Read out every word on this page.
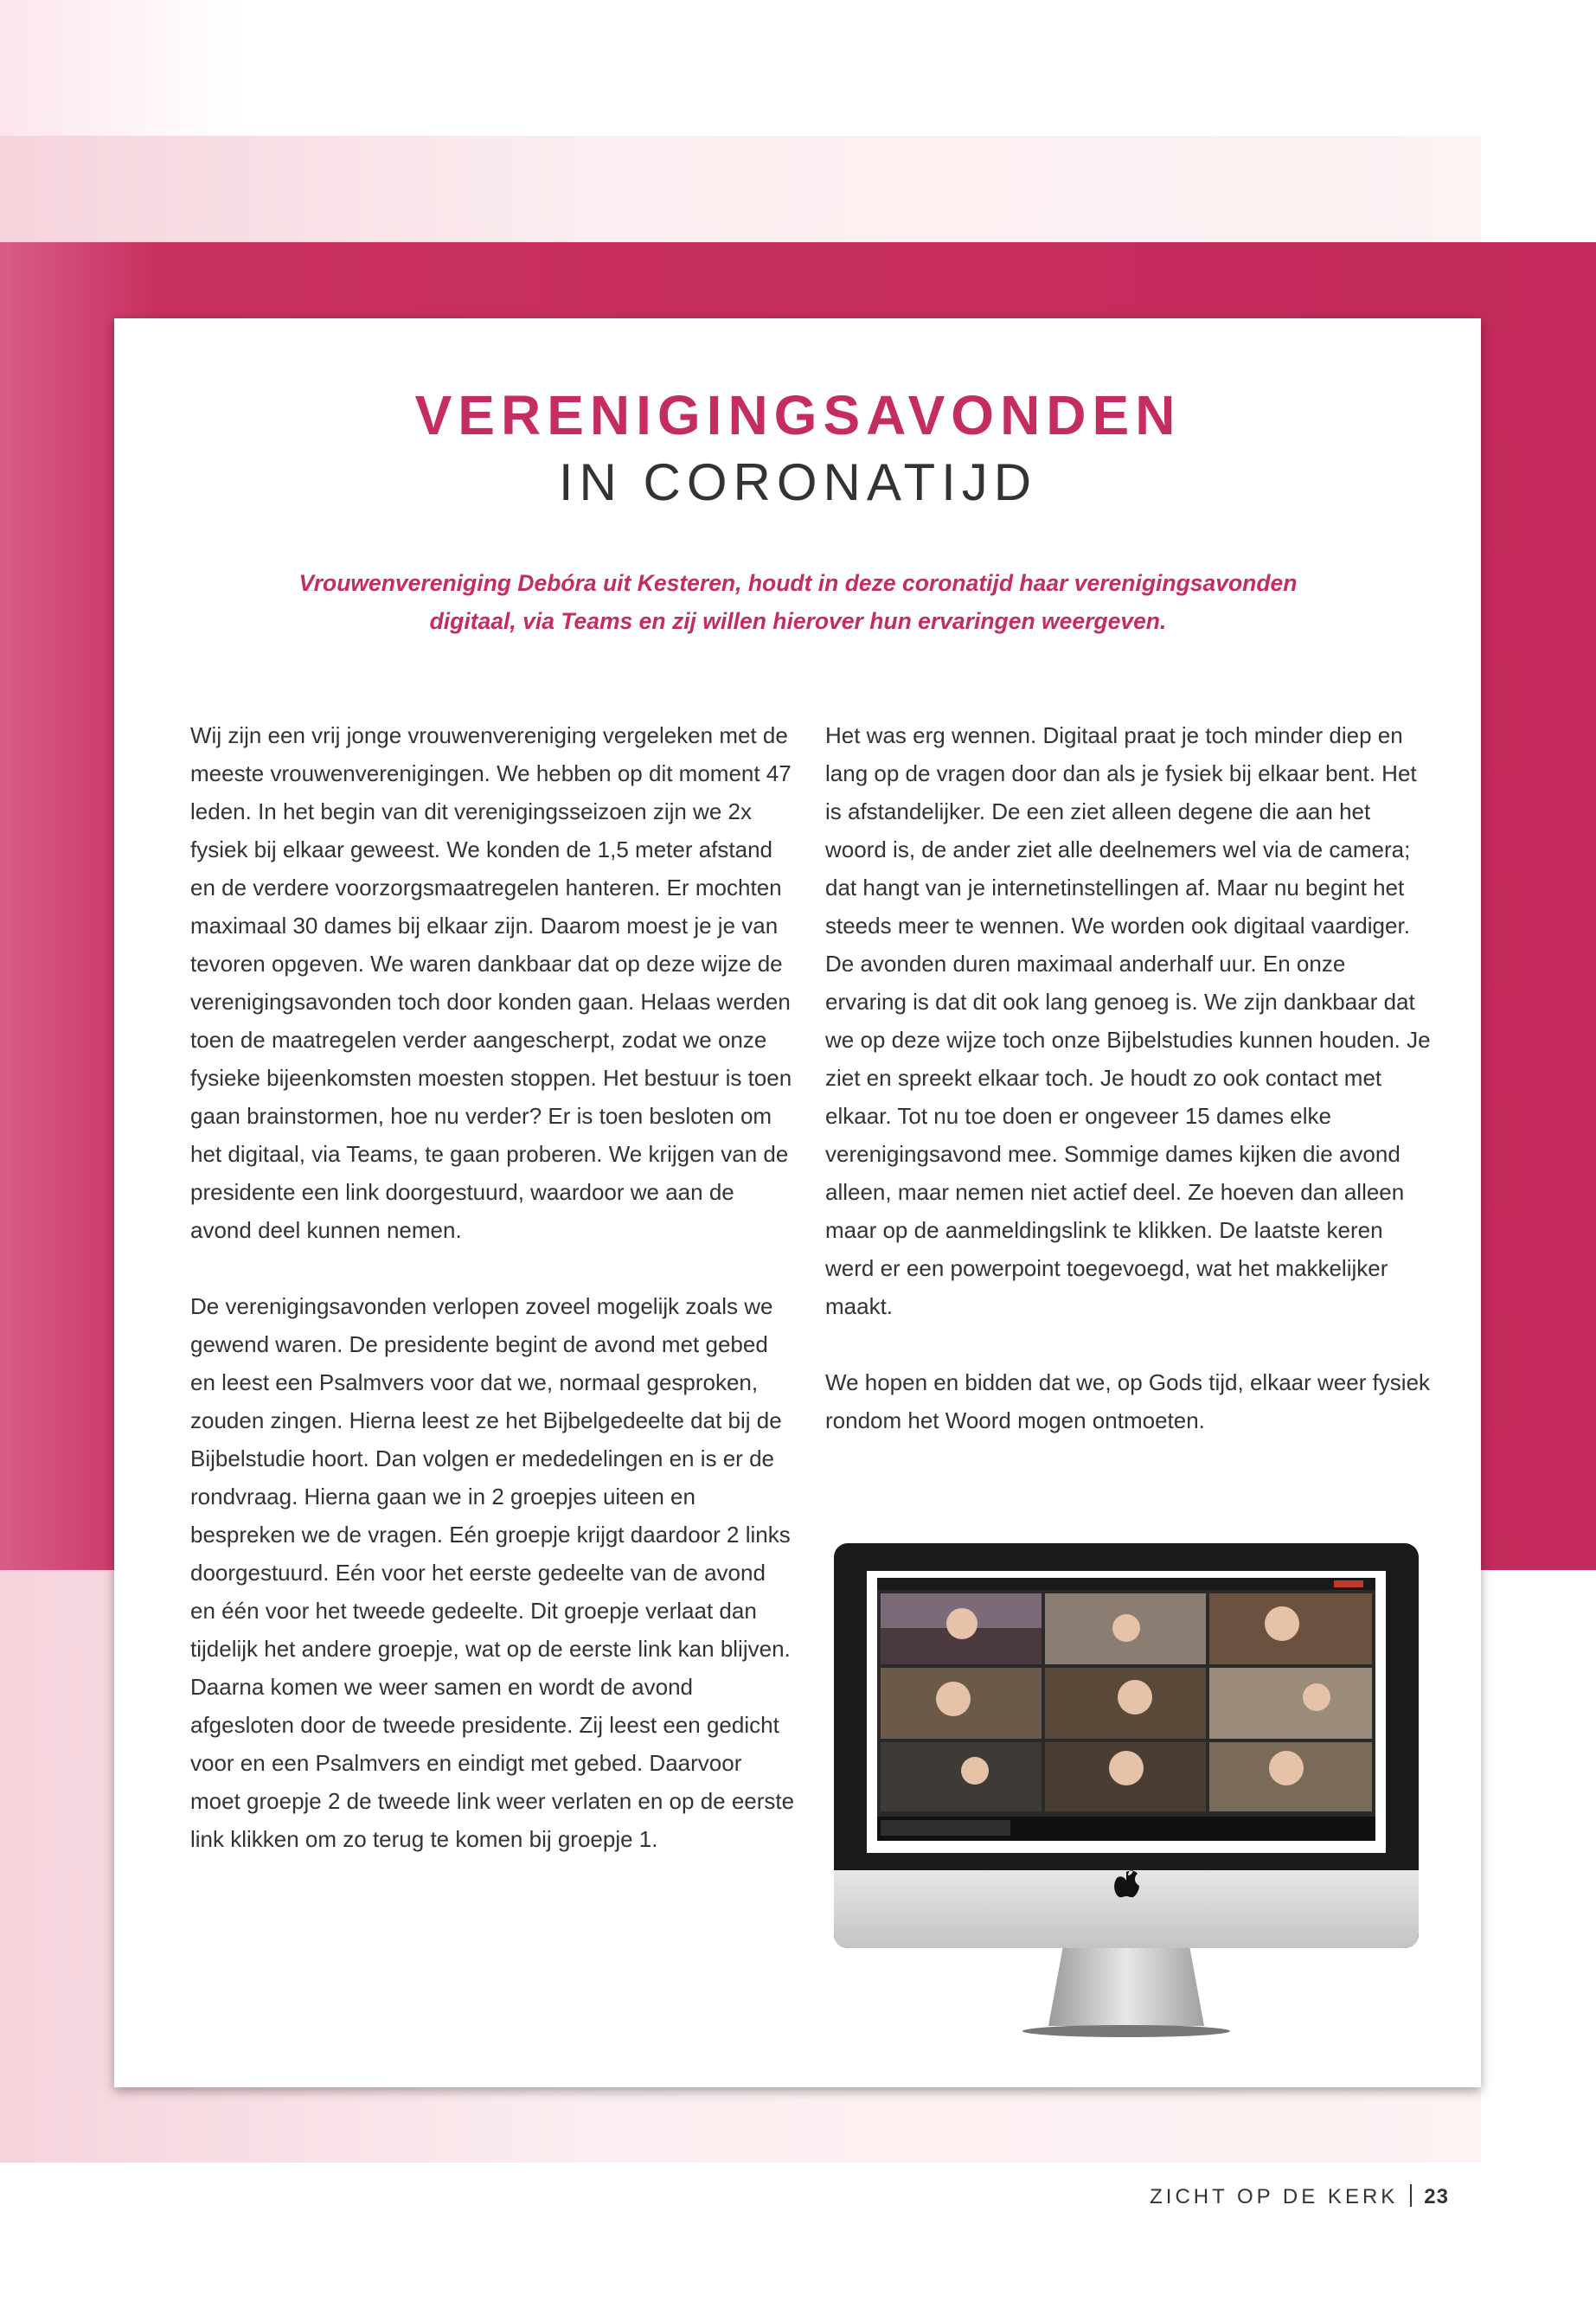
VERENIGINGSAVONDEN
IN CORONATIJD
Vrouwenvereniging Debóra uit Kesteren, houdt in deze coronatijd haar verenigingsavonden
digitaal, via Teams en zij willen hierover hun ervaringen weergeven.

Wij zijn een vrij jonge vrouwenvereniging vergeleken met de meeste vrouwenverenigingen. We hebben op dit moment 47 leden. In het begin van dit verenigingsseizoen zijn we 2x fysiek bij elkaar geweest. We konden de 1,5 meter afstand en de verdere voorzorgsmaatregelen hanteren. Er mochten maximaal 30 dames bij elkaar zijn. Daarom moest je je van tevoren opgeven. We waren dankbaar dat op deze wijze de verenigingsavonden toch door konden gaan. Helaas werden toen de maatregelen verder aangescherpt, zodat we onze fysieke bijeenkomsten moesten stoppen. Het bestuur is toen gaan brainstormen, hoe nu verder? Er is toen besloten om het digitaal, via Teams, te gaan proberen. We krijgen van de presidente een link doorgestuurd, waardoor we aan de avond deel kunnen nemen.

De verenigingsavonden verlopen zoveel mogelijk zoals we gewend waren. De presidente begint de avond met gebed en leest een Psalmvers voor dat we, normaal gesproken, zouden zingen. Hierna leest ze het Bijbelgedeelte dat bij de Bijbelstudie hoort. Dan volgen er mededelingen en is er de rondvraag. Hierna gaan we in 2 groepjes uiteen en bespreken we de vragen. Eén groepje krijgt daardoor 2 links doorgestuurd. Eén voor het eerste gedeelte van de avond en één voor het tweede gedeelte. Dit groepje verlaat dan tijdelijk het andere groepje, wat op de eerste link kan blijven. Daarna komen we weer samen en wordt de avond afgesloten door de tweede presidente. Zij leest een gedicht voor en een Psalmvers en eindigt met gebed. Daarvoor moet groepje 2 de tweede link weer verlaten en op de eerste link klikken om zo terug te komen bij groepje 1.

Het was erg wennen. Digitaal praat je toch minder diep en lang op de vragen door dan als je fysiek bij elkaar bent. Het is afstandelijker. De een ziet alleen degene die aan het woord is, de ander ziet alle deelnemers wel via de camera; dat hangt van je internetinstellingen af. Maar nu begint het steeds meer te wennen. We worden ook digitaal vaardiger. De avonden duren maximaal anderhalf uur. En onze ervaring is dat dit ook lang genoeg is. We zijn dankbaar dat we op deze wijze toch onze Bijbelstudies kunnen houden. Je ziet en spreekt elkaar toch. Je houdt zo ook contact met elkaar. Tot nu toe doen er ongeveer 15 dames elke verenigingsavond mee. Sommige dames kijken die avond alleen, maar nemen niet actief deel. Ze hoeven dan alleen maar op de aanmeldingslink te klikken. De laatste keren werd er een powerpoint toegevoegd, wat het makkelijker maakt.

We hopen en bidden dat we, op Gods tijd, elkaar weer fysiek rondom het Woord mogen ontmoeten.

ZICHT OP DE KERK 23
